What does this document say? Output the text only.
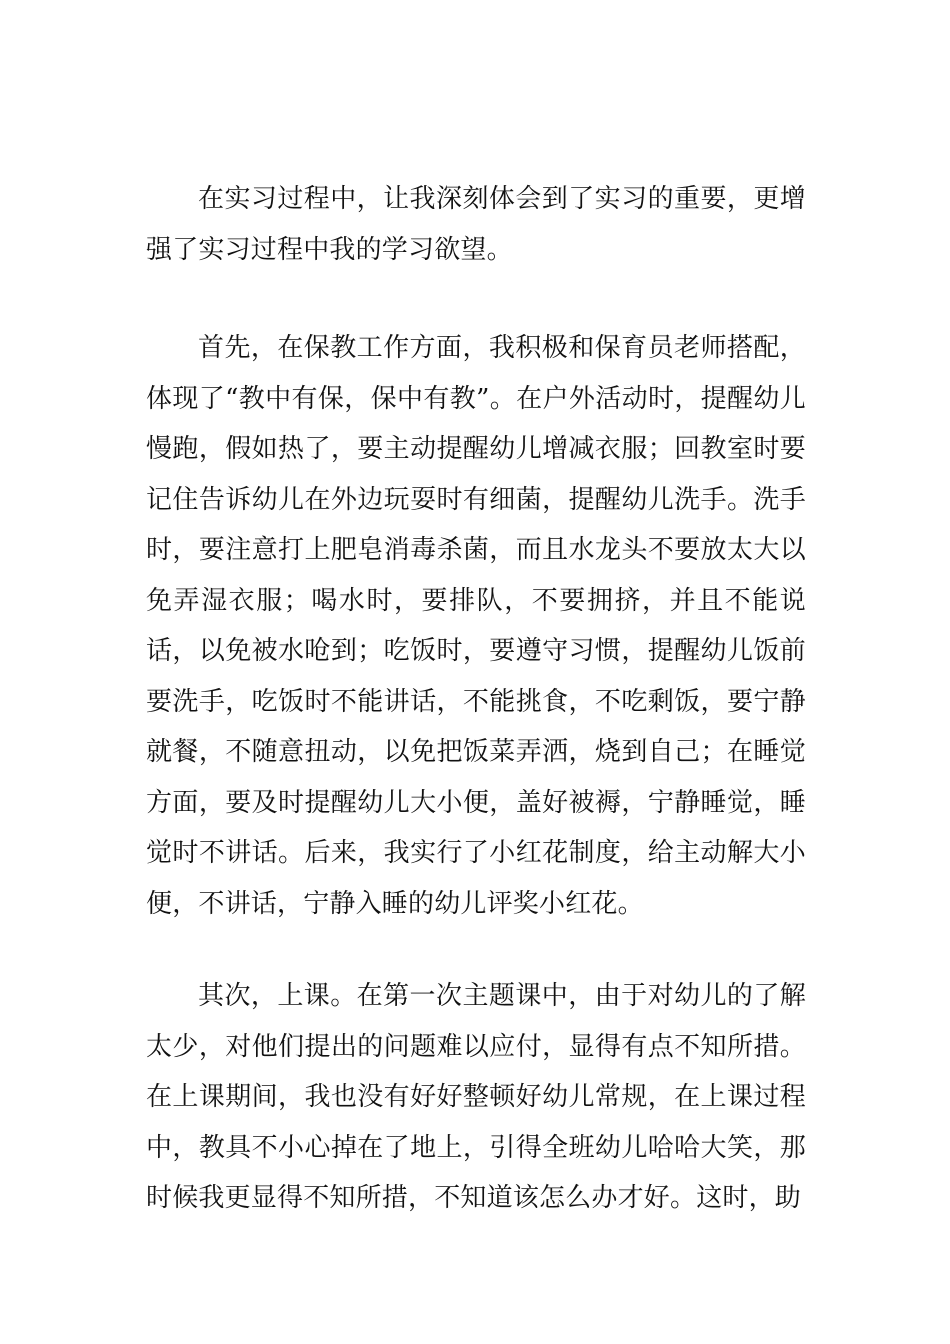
在实习过程中，让我深刻体会到了实习的重要，更增强了实习过程中我的学习欲望。

首先，在保教工作方面，我积极和保育员老师搭配，体现了“教中有保，保中有教”。在户外活动时，提醒幼儿慢跑，假如热了，要主动提醒幼儿增减衣服；回教室时要记住告诉幼儿在外边玩耍时有细菌，提醒幼儿洗手。洗手时，要注意打上肥皂消毒杀菌，而且水龙头不要放太大以免弄湿衣服；喝水时，要排队，不要拥挤，并且不能说话，以免被水呛到；吃饭时，要遵守习惯，提醒幼儿饭前要洗手，吃饭时不能讲话，不能挑食，不吃剩饭，要宁静就餐，不随意扭动，以免把饭菜弄洒，烧到自己；在睡觉方面，要及时提醒幼儿大小便，盖好被褥，宁静睡觉，睡觉时不讲话。后来，我实行了小红花制度，给主动解大小便，不讲话，宁静入睡的幼儿评奖小红花。

其次，上课。在第一次主题课中，由于对幼儿的了解太少，对他们提出的问题难以应付，显得有点不知所措。在上课期间，我也没有好好整顿好幼儿常规，在上课过程中，教具不小心掉在了地上，引得全班幼儿哈哈大笑，那时候我更显得不知所措，不知道该怎么办才好。这时，助
